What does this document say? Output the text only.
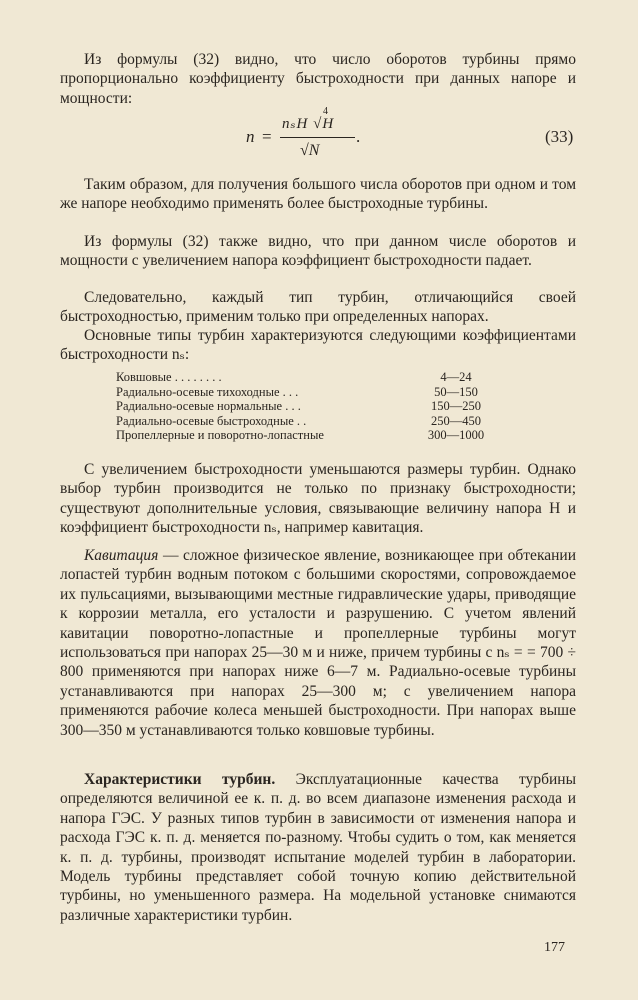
Из формулы (32) видно, что число оборотов турбины прямо пропорционально коэффициенту быстроходности при данных напоре и мощности:

n =
4
nₛH √H
√N
.	(33)

Таким образом, для получения большого числа оборотов при одном и том же напоре необходимо применять более быстроходные турбины.

Из формулы (32) также видно, что при данном числе оборотов и мощности с увеличением напора коэффициент быстроходности падает.

Следовательно, каждый тип турбин, отличающийся своей быстроходностью, применим только при определенных напорах.

Основные типы турбин характеризуются следующими коэффициентами быстроходности nₛ:

Ковшовые . . . . . . . .	4—24
Радиально-осевые тихоходные . . .	50—150
Радиально-осевые нормальные . . .	150—250
Радиально-осевые быстроходные . .	250—450
Пропеллерные и поворотно-лопастные	300—1000

С увеличением быстроходности уменьшаются размеры турбин. Однако выбор турбин производится не только по признаку быстроходности; существуют дополнительные условия, связывающие величину напора H и коэффициент быстроходности nₛ, например кавитация.

Кавитация — сложное физическое явление, возникающее при обтекании лопастей турбин водным потоком с большими скоростями, сопровождаемое их пульсациями, вызывающими местные гидравлические удары, приводящие к коррозии металла, его усталости и разрушению. С учетом явлений кавитации поворотно-лопастные и пропеллерные турбины могут использоваться при напорах 25—30 м и ниже, причем турбины с nₛ = = 700 ÷ 800 применяются при напорах ниже 6—7 м. Радиально-осевые турбины устанавливаются при напорах 25—300 м; с увеличением напора применяются рабочие колеса меньшей быстроходности. При напорах выше 300—350 м устанавливаются только ковшовые турбины.

Характеристики турбин. Эксплуатационные качества турбины определяются величиной ее к. п. д. во всем диапазоне изменения расхода и напора ГЭС. У разных типов турбин в зависимости от изменения напора и расхода ГЭС к. п. д. меняется по-разному. Чтобы судить о том, как меняется к. п. д. турбины, производят испытание моделей турбин в лаборатории. Модель турбины представляет собой точную копию действительной турбины, но уменьшенного размера. На модельной установке снимаются различные характеристики турбин.

177
